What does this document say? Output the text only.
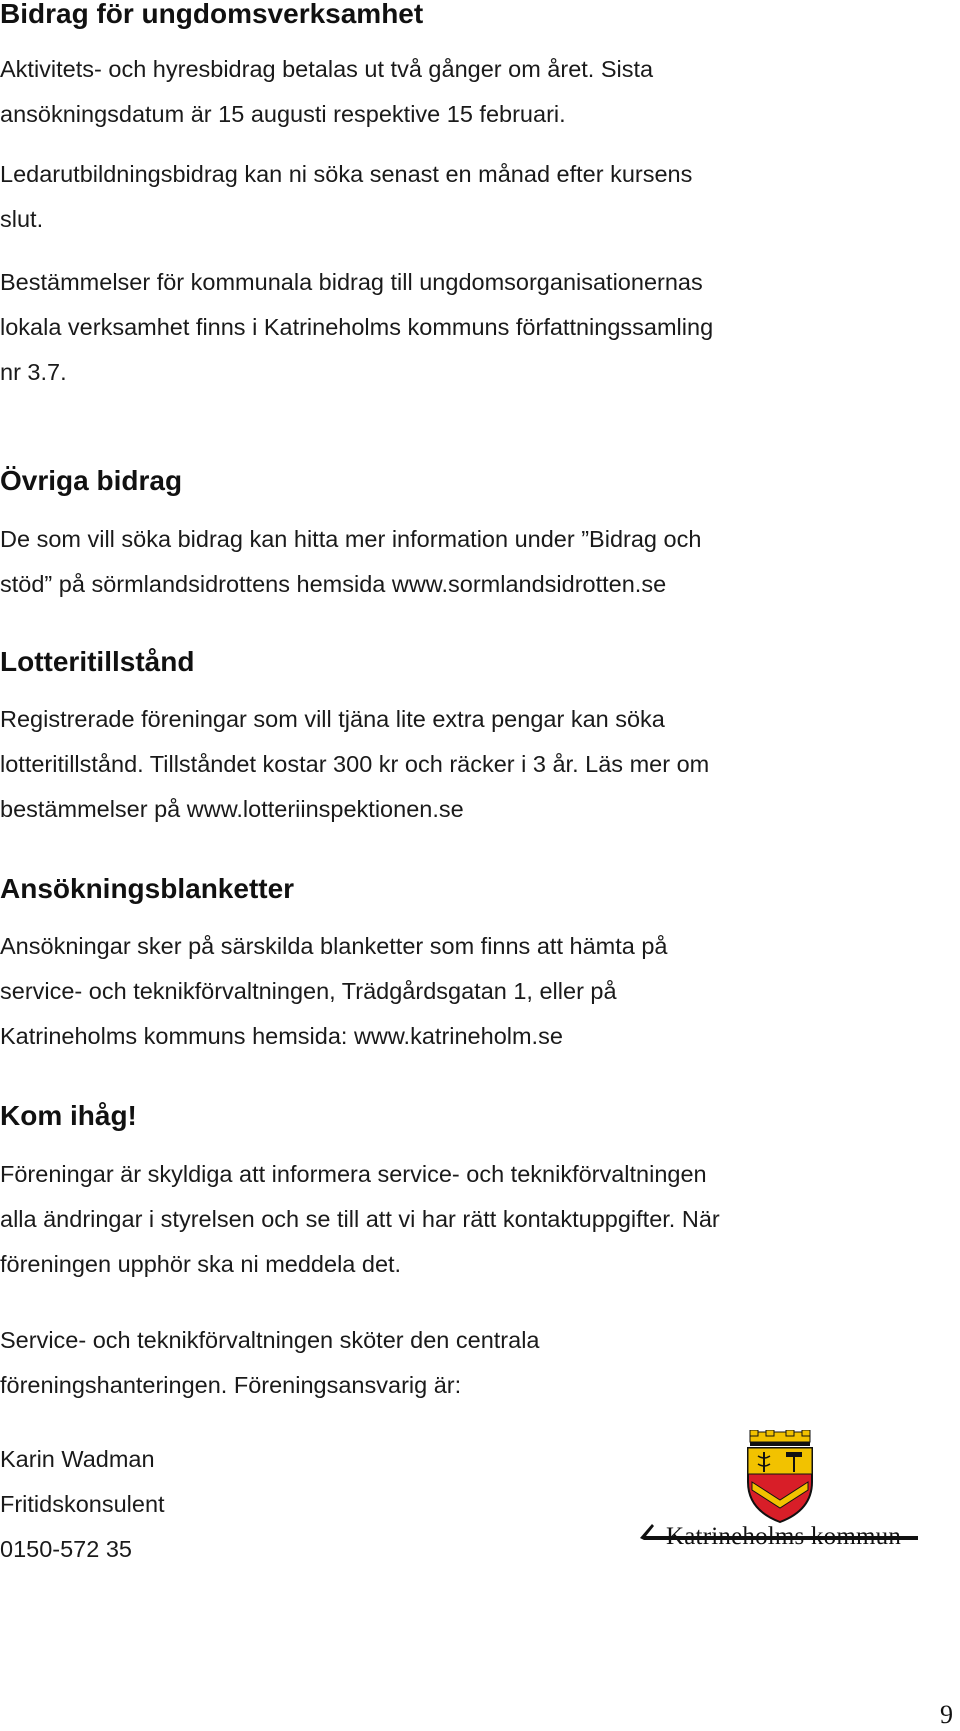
Bidrag för ungdomsverksamhet

Aktivitets- och hyresbidrag betalas ut två gånger om året. Sista
ansökningsdatum är 15 augusti respektive 15 februari.

Ledarutbildningsbidrag kan ni söka senast en månad efter kursens
slut.

Bestämmelser för kommunala bidrag till ungdomsorganisationernas
lokala verksamhet finns i Katrineholms kommuns författningssamling
nr 3.7.

Övriga bidrag

De som vill söka bidrag kan hitta mer information under ”Bidrag och
stöd” på sörmlandsidrottens hemsida www.sormlandsidrotten.se

Lotteritillstånd

Registrerade föreningar som vill tjäna lite extra pengar kan söka
lotteritillstånd. Tillståndet kostar 300 kr och räcker i 3 år. Läs mer om
bestämmelser på www.lotteriinspektionen.se

Ansökningsblanketter

Ansökningar sker på särskilda blanketter som finns att hämta på
service- och teknikförvaltningen, Trädgårdsgatan 1, eller på
Katrineholms kommuns hemsida: www.katrineholm.se

Kom ihåg!

Föreningar är skyldiga att informera service- och teknikförvaltningen
alla ändringar i styrelsen och se till att vi har rätt kontaktuppgifter. När
föreningen upphör ska ni meddela det.

Service- och teknikförvaltningen sköter den centrala
föreningshanteringen. Föreningsansvarig är:

Karin Wadman
Fritidskonsulent
0150-572 35	Katrineholms kommun
9
